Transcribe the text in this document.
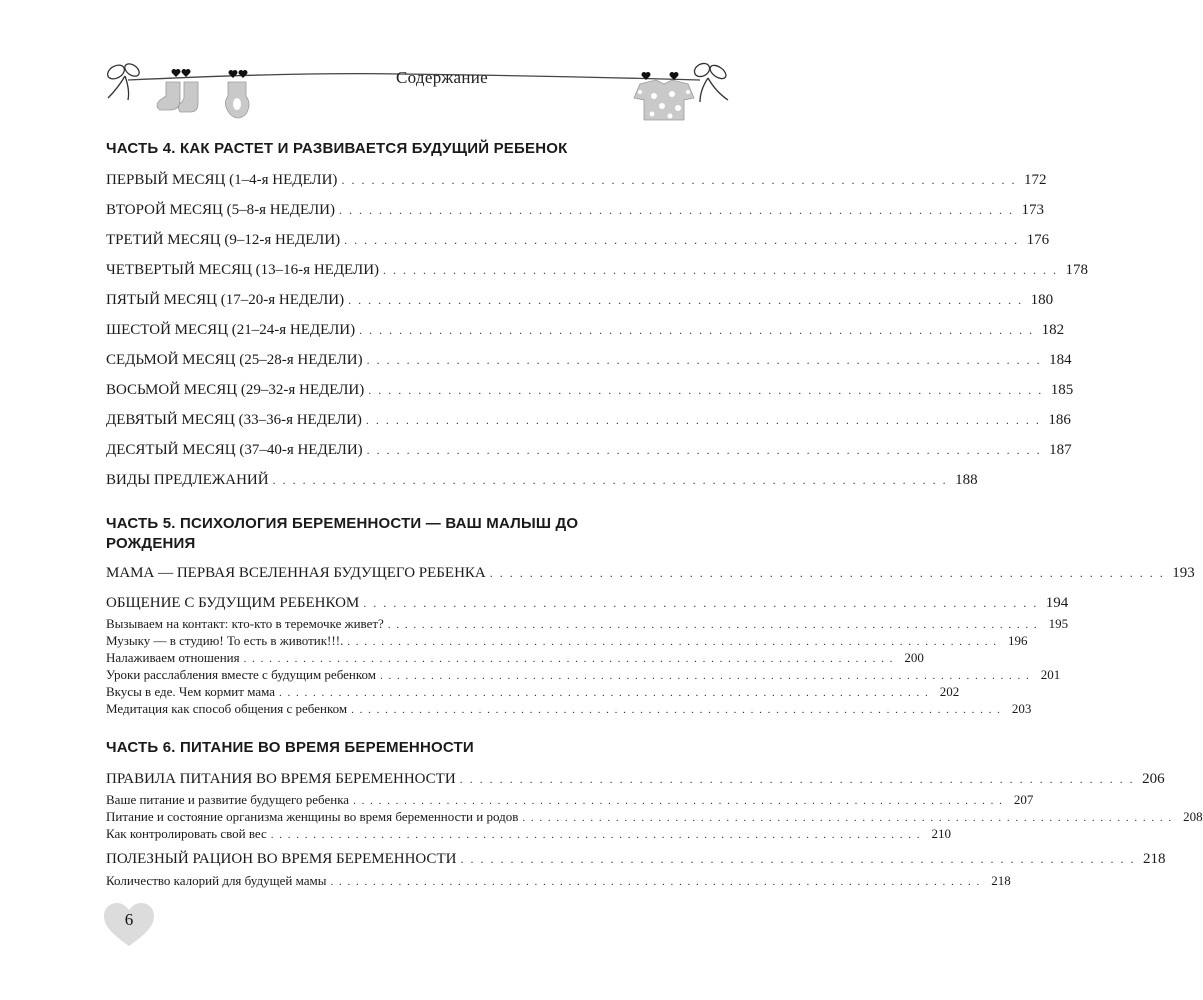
Содержание
ЧАСТЬ 4. КАК РАСТЕТ И РАЗВИВАЕТСЯ БУДУЩИЙ РЕБЕНОК
ПЕРВЫЙ МЕСЯЦ (1–4-я НЕДЕЛИ) . . . . . . . . . . . . . . . . . . . . . . . . . . . . . . . . . . . . . . . . . . . . . . . . . . . . . . . . . . . . . . . . . . . . 172
ВТОРОЙ МЕСЯЦ (5–8-я НЕДЕЛИ) . . . . . . . . . . . . . . . . . . . . . . . . . . . . . . . . . . . . . . . . . . . . . . . . . . . . . . . . . . . . . . . . . . . . 173
ТРЕТИЙ МЕСЯЦ (9–12-я НЕДЕЛИ) . . . . . . . . . . . . . . . . . . . . . . . . . . . . . . . . . . . . . . . . . . . . . . . . . . . . . . . . . . . . . . . . . . . . 176
ЧЕТВЕРТЫЙ МЕСЯЦ (13–16-я НЕДЕЛИ) . . . . . . . . . . . . . . . . . . . . . . . . . . . . . . . . . . . . . . . . . . . . . . . . . . . . . . . . . . . . . . . . . . . . 178
ПЯТЫЙ МЕСЯЦ (17–20-я НЕДЕЛИ) . . . . . . . . . . . . . . . . . . . . . . . . . . . . . . . . . . . . . . . . . . . . . . . . . . . . . . . . . . . . . . . . . . . . 180
ШЕСТОЙ МЕСЯЦ (21–24-я НЕДЕЛИ) . . . . . . . . . . . . . . . . . . . . . . . . . . . . . . . . . . . . . . . . . . . . . . . . . . . . . . . . . . . . . . . . . . . . 182
СЕДЬМОЙ МЕСЯЦ (25–28-я НЕДЕЛИ) . . . . . . . . . . . . . . . . . . . . . . . . . . . . . . . . . . . . . . . . . . . . . . . . . . . . . . . . . . . . . . . . . . . . 184
ВОСЬМОЙ МЕСЯЦ (29–32-я НЕДЕЛИ) . . . . . . . . . . . . . . . . . . . . . . . . . . . . . . . . . . . . . . . . . . . . . . . . . . . . . . . . . . . . . . . . . . . . 185
ДЕВЯТЫЙ МЕСЯЦ (33–36-я НЕДЕЛИ) . . . . . . . . . . . . . . . . . . . . . . . . . . . . . . . . . . . . . . . . . . . . . . . . . . . . . . . . . . . . . . . . . . . . 186
ДЕСЯТЫЙ МЕСЯЦ (37–40-я НЕДЕЛИ) . . . . . . . . . . . . . . . . . . . . . . . . . . . . . . . . . . . . . . . . . . . . . . . . . . . . . . . . . . . . . . . . . . . . 187
ВИДЫ ПРЕДЛЕЖАНИЙ . . . . . . . . . . . . . . . . . . . . . . . . . . . . . . . . . . . . . . . . . . . . . . . . . . . . . . . . . . . . . . . . . . . . 188
ЧАСТЬ 5. ПСИХОЛОГИЯ БЕРЕМЕННОСТИ — ВАШ МАЛЫШ ДО РОЖДЕНИЯ
МАМА — ПЕРВАЯ ВСЕЛЕННАЯ БУДУЩЕГО РЕБЕНКА . . . . . . . . . . . . . . . . . . . . . . . . . . . . . . . . . . . . . . . . . . . . . . . . . . . . . . . . . . . . . . . . . . . . 193
ОБЩЕНИЕ С БУДУЩИМ РЕБЕНКОМ . . . . . . . . . . . . . . . . . . . . . . . . . . . . . . . . . . . . . . . . . . . . . . . . . . . . . . . . . . . . . . . . . . . . 194
Вызываем на контакт: кто-кто в теремочке живет? . . . . . . . . . . . . . . . . . . . . . . . . . . . . . . . . . . . . . . . . . . . . . . . . . . . . . . . . . . . . . . . . . . . . . . . . . . . . . 195
Музыку — в студию! То есть в животик!!!. . . . . . . . . . . . . . . . . . . . . . . . . . . . . . . . . . . . . . . . . . . . . . . . . . . . . . . . . . . . . . . . . . . . . . . . . . . . . . 196
Налаживаем отношения . . . . . . . . . . . . . . . . . . . . . . . . . . . . . . . . . . . . . . . . . . . . . . . . . . . . . . . . . . . . . . . . . . . . . . . . . . . . . 200
Уроки расслабления вместе с будущим ребенком . . . . . . . . . . . . . . . . . . . . . . . . . . . . . . . . . . . . . . . . . . . . . . . . . . . . . . . . . . . . . . . . . . . . . . . . . . . . . 201
Вкусы в еде. Чем кормит мама . . . . . . . . . . . . . . . . . . . . . . . . . . . . . . . . . . . . . . . . . . . . . . . . . . . . . . . . . . . . . . . . . . . . . . . . . . . . . 202
Медитация как способ общения с ребенком . . . . . . . . . . . . . . . . . . . . . . . . . . . . . . . . . . . . . . . . . . . . . . . . . . . . . . . . . . . . . . . . . . . . . . . . . . . . . 203
ЧАСТЬ 6. ПИТАНИЕ ВО ВРЕМЯ БЕРЕМЕННОСТИ
ПРАВИЛА ПИТАНИЯ ВО ВРЕМЯ БЕРЕМЕННОСТИ . . . . . . . . . . . . . . . . . . . . . . . . . . . . . . . . . . . . . . . . . . . . . . . . . . . . . . . . . . . . . . . . . . . . 206
Ваше питание и развитие будущего ребенка . . . . . . . . . . . . . . . . . . . . . . . . . . . . . . . . . . . . . . . . . . . . . . . . . . . . . . . . . . . . . . . . . . . . . . . . . . . . . 207
Питание и состояние организма женщины во время беременности и родов . . . . . . . . . . . . . . . . . . . . . . . . . . . . . . . . . . . . . . . . . . . . . . . . . . . . . . . . . . . . . . . . . . . . . . . . . . . . . 208
Как контролировать свой вес . . . . . . . . . . . . . . . . . . . . . . . . . . . . . . . . . . . . . . . . . . . . . . . . . . . . . . . . . . . . . . . . . . . . . . . . . . . . . 210
ПОЛЕЗНЫЙ РАЦИОН ВО ВРЕМЯ БЕРЕМЕННОСТИ . . . . . . . . . . . . . . . . . . . . . . . . . . . . . . . . . . . . . . . . . . . . . . . . . . . . . . . . . . . . . . . . . . . . 218
Количество калорий для будущей мамы . . . . . . . . . . . . . . . . . . . . . . . . . . . . . . . . . . . . . . . . . . . . . . . . . . . . . . . . . . . . . . . . . . . . . . . . . . . . . 218
6
